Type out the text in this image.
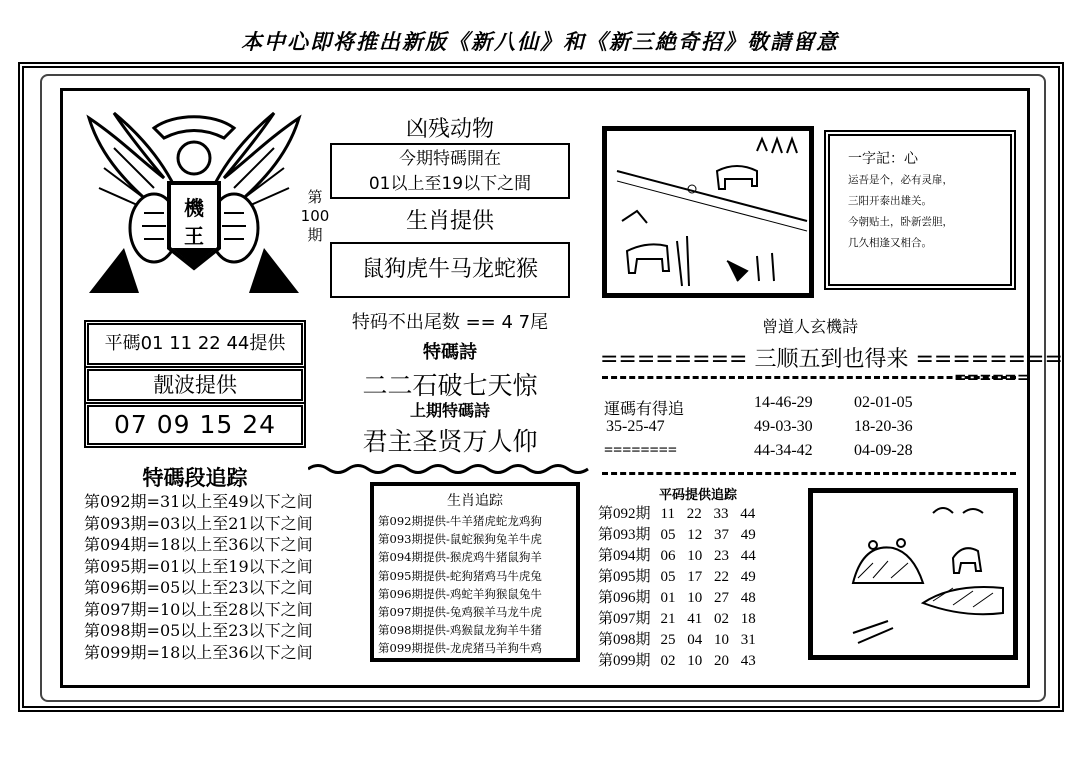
本中心即将推出新版《新八仙》和《新三絶奇招》敬請留意
機
王
第
100
期
平碼01 11 22 44提供
靓波提供
07 09 15 24
特碼段追踪
第092期=31以上至49以下之间
第093期=03以上至21以下之间
第094期=18以上至36以下之间
第095期=01以上至19以下之间
第096期=05以上至23以下之间
第097期=10以上至28以下之间
第098期=05以上至23以下之间
第099期=18以上至36以下之间
凶残动物
今期特碼開在
01以上至19以下之間
生肖提供
鼠狗虎牛马龙蛇猴
特码不出尾数 == 4 7尾
特碼詩
二二石破七天惊
上期特碼詩
君主圣贤万人仰
生肖追踪
第092期提供-牛羊猪虎蛇龙鸡狗
第093期提供-鼠蛇猴狗兔羊牛虎
第094期提供-猴虎鸡牛猪鼠狗羊
第095期提供-蛇狗猪鸡马牛虎兔
第096期提供-鸡蛇羊狗猴鼠兔牛
第097期提供-兔鸡猴羊马龙牛虎
第098期提供-鸡猴鼠龙狗羊牛猪
第099期提供-龙虎猪马羊狗牛鸡
一字記：心
运吾是个，必有灵扉，
三阳开泰出雄关。
今朝贴土，卧新尝胆，
几久相逢又相合。
曾道人玄機詩
======== 三顺五到也得来 ========
======
運碼有得追	14-46-29	02-01-05
35-25-47	49-03-30	18-20-36
========	44-34-42	04-09-28
平码提供追踪
第092期 11 22 33 44
第093期 05 12 37 49
第094期 06 10 23 44
第095期 05 17 22 49
第096期 01 10 27 48
第097期 21 41 02 18
第098期 25 04 10 31
第099期 02 10 20 43
